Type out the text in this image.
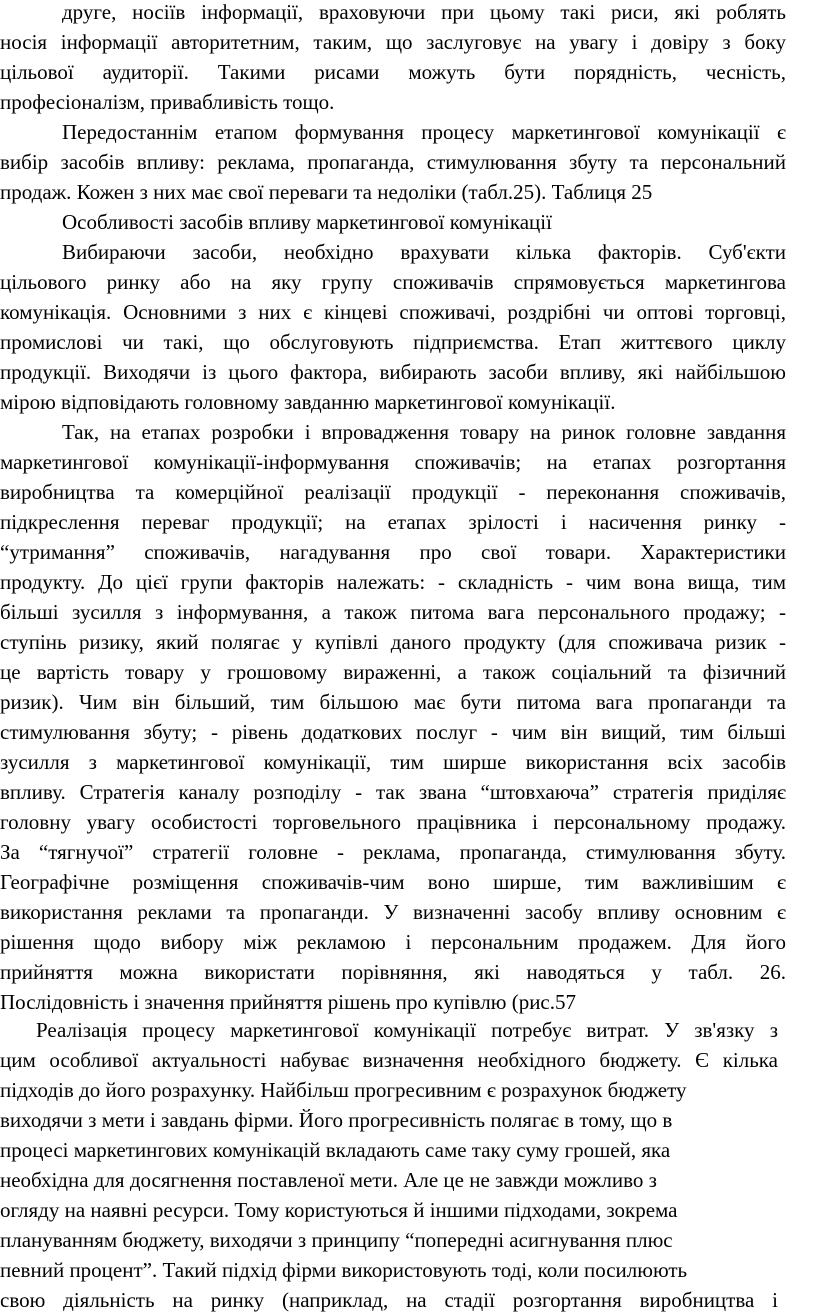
друге, носіїв інформації, враховуючи при цьому такі риси, які роблять
носія інформації авторитетним, таким, що заслуговує на увагу і довіру з боку
цільової аудиторії. Такими рисами можуть бути порядність, чесність,
професіоналізм, привабливість тощо.
Передостаннім етапом формування процесу маркетингової комунікації є
вибір засобів впливу: реклама, пропаганда, стимулювання збуту та персональний
продаж. Кожен з них має свої переваги та недоліки (табл.25). Таблиця 25
Особливості засобів впливу маркетингової комунікації
Вибираючи засоби, необхідно врахувати кілька факторів. Суб'єкти
цільового ринку або на яку групу споживачів спрямовується маркетингова
комунікація. Основними з них є кінцеві споживачі, роздрібні чи оптові торговці,
промислові чи такі, що обслуговують підприємства. Етап життєвого циклу
продукції. Виходячи із цього фактора, вибирають засоби впливу, які найбільшою
мірою відповідають головному завданню маркетингової комунікації.
Так, на етапах розробки і впровадження товару на ринок головне завдання
маркетингової комунікації-інформування споживачів; на етапах розгортання
виробництва та комерційної реалізації продукції - переконання споживачів,
підкреслення переваг продукції; на етапах зрілості і насичення ринку -
“утримання” споживачів, нагадування про свої товари. Характеристики
продукту. До цієї групи факторів належать: - складність - чим вона вища, тим
більші зусилля з інформування, а також питома вага персонального продажу; -
ступінь ризику, який полягає у купівлі даного продукту (для споживача ризик -
це вартість товару у грошовому вираженні, а також соціальний та фізичний
ризик). Чим він більший, тим більшою має бути питома вага пропаганди та
стимулювання збуту; - рівень додаткових послуг - чим він вищий, тим більші
зусилля з маркетингової комунікації, тим ширше використання всіх засобів
впливу. Стратегія каналу розподілу - так звана “штовхаюча” стратегія приділяє
головну увагу особистості торговельного працівника і персональному продажу.
За “тягнучої” стратегії головне - реклама, пропаганда, стимулювання збуту.
Географічне розміщення споживачів-чим воно ширше, тим важливішим є
використання реклами та пропаганди. У визначенні засобу впливу основним є
рішення щодо вибору між рекламою і персональним продажем. Для його
прийняття можна використати порівняння, які наводяться у табл. 26.
Послідовність і значення прийняття рішень про купівлю (рис.57
Реалізація процесу маркетингової комунікації потребує витрат. У зв'язку з
цим особливої актуальності набуває визначення необхідного бюджету. Є кілька
підходів до його розрахунку. Найбільш прогресивним є розрахунок бюджету
виходячи з мети і завдань фірми. Його прогресивність полягає в тому, що в
процесі маркетингових комунікацій вкладають саме таку суму грошей, яка
необхідна для досягнення поставленої мети. Але це не завжди можливо з
огляду на наявні ресурси. Тому користуються й іншими підходами, зокрема
плануванням бюджету, виходячи з принципу “попередні асигнування плюс
певний процент”. Такий підхід фірми використовують тоді, коли посилюють
свою діяльність на ринку (наприклад, на стадії розгортання виробництва і
